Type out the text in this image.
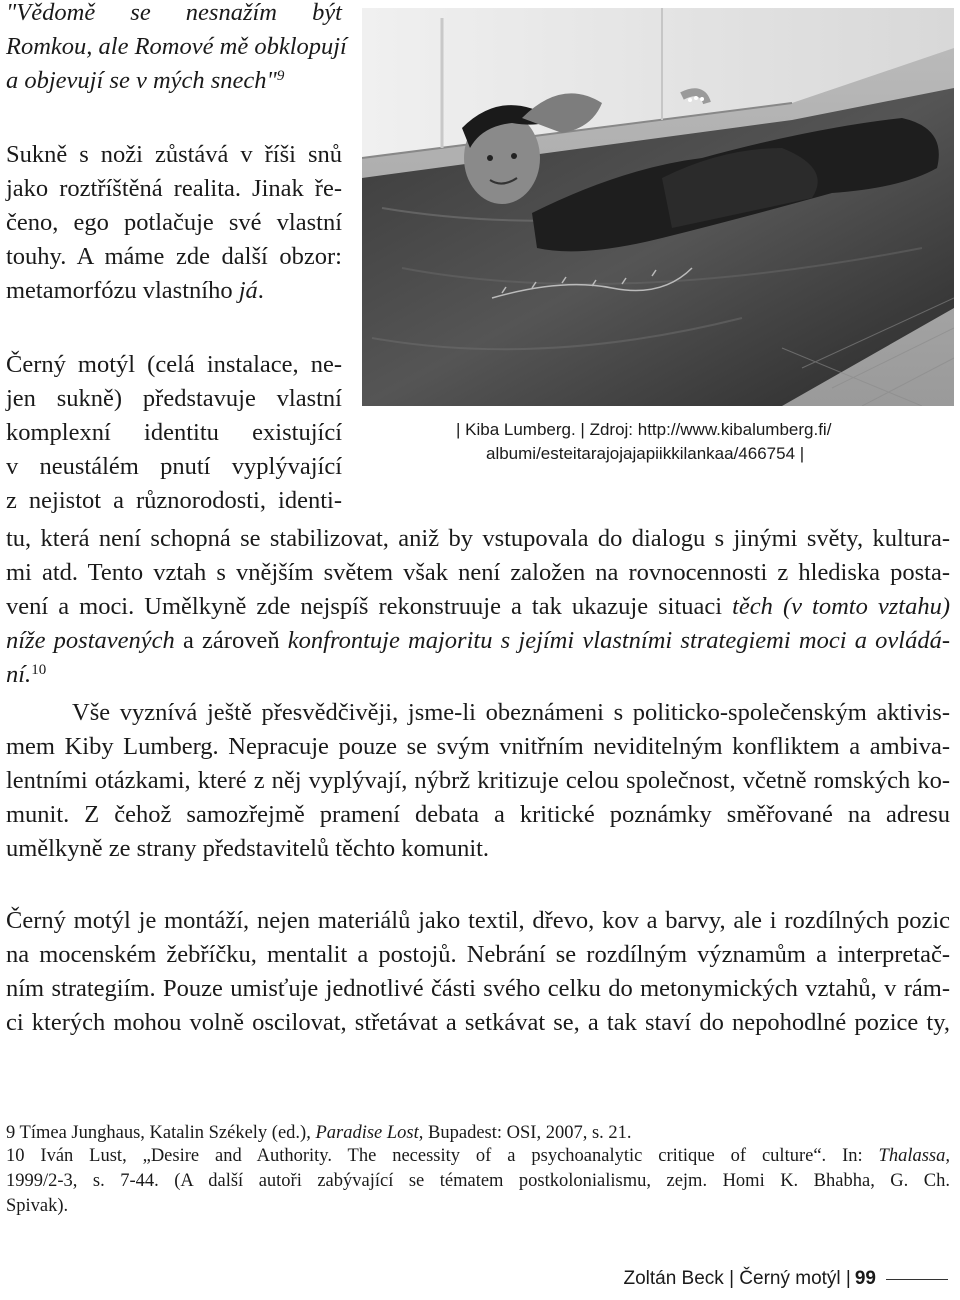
"Vědomě se nesnažím být
Romkou, ale Romové mě obklopují
a objevují se v mých snech"$^9$
Sukně s noži zůstává v říši snů
jako roztříštěná realita. Jinak ře-
čeno, ego potlačuje své vlastní
touhy. A máme zde další obzor:
metamorfózu vlastního já.
Černý motýl (celá instalace, ne-
jen sukně) představuje vlastní
komplexní identitu existující
v neustálém pnutí vyplývající
z nejistot a různorodosti, identi-
tu, která není schopná se stabilizovat, aniž by vstupovala do dialogu s jinými světy, kultura-
mi atd. Tento vztah s vnějším světem však není založen na rovnocennosti z hlediska posta-
vení a moci. Umělkyně zde nejspíš rekonstruuje a tak ukazuje situaci těch (v tomto vztahu)
níže postavených a zároveň konfrontuje majoritu s jejími vlastními strategiemi moci a ovládá-
ní.$^{10}$
Vše vyznívá ještě přesvědčivěji, jsme-li obeznámeni s politicko-společenským aktivis-
mem Kiby Lumberg. Nepracuje pouze se svým vnitřním neviditelným konfliktem a ambiva-
lentními otázkami, které z něj vyplývají, nýbrž kritizuje celou společnost, včetně romských ko-
munit. Z čehož samozřejmě pramení debata a kritické poznámky směřované na adresu
umělkyně ze strany představitelů těchto komunit.
Černý motýl je montáží, nejen materiálů jako textil, dřevo, kov a barvy, ale i rozdílných pozic
na mocenském žebříčku, mentalit a postojů. Nebrání se rozdílným významům a interpretač-
ním strategiím. Pouze umisťuje jednotlivé části svého celku do metonymických vztahů, v rám-
ci kterých mohou volně oscilovat, střetávat a setkávat se, a tak staví do nepohodlné pozice ty,
| Kiba Lumberg. | Zdroj: http://www.kibalumberg.fi/
albumi/esteitarajojajapiikkilankaa/466754 |
9 Tímea Junghaus, Katalin Székely (ed.), Paradise Lost, Bupadest: OSI, 2007, s. 21.
10 Iván Lust, „Desire and Authority. The necessity of a psychoanalytic critique of culture“. In: Thalassa,
1999/2-3, s. 7-44. (A další autoři zabývající se tématem postkolonialismu, zejm. Homi K. Bhabha, G. Ch.
Spivak).
Zoltán Beck | Černý motýl | 99
